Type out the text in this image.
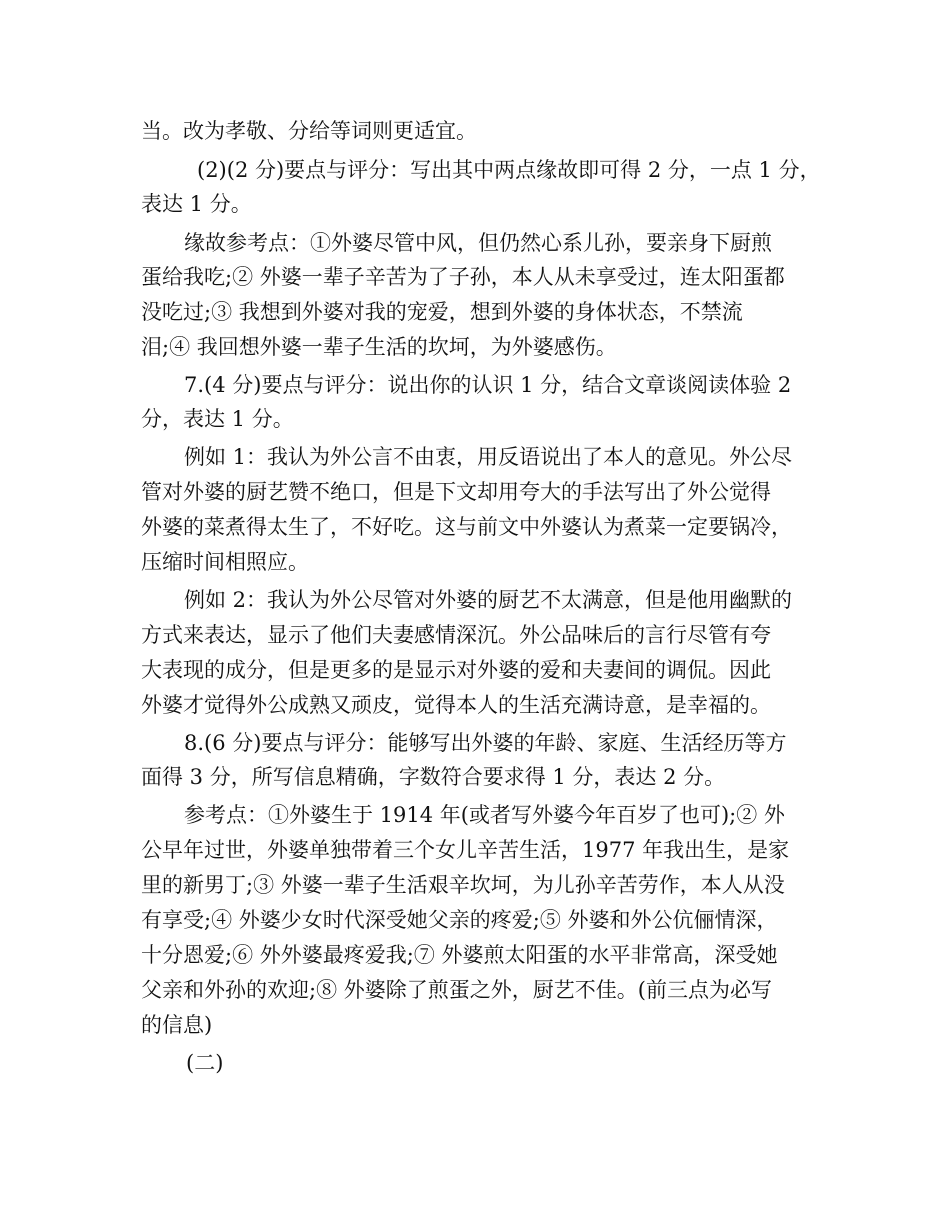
当。改为孝敬、分给等词则更适宜。
(2)(2 分)要点与评分：写出其中两点缘故即可得 2 分，一点 1 分，
表达 1 分。
缘故参考点：①外婆尽管中风，但仍然心系儿孙，要亲身下厨煎
蛋给我吃;② 外婆一辈子辛苦为了子孙，本人从未享受过，连太阳蛋都
没吃过;③ 我想到外婆对我的宠爱，想到外婆的身体状态，不禁流
泪;④ 我回想外婆一辈子生活的坎坷，为外婆感伤。
7.(4 分)要点与评分：说出你的认识 1 分，结合文章谈阅读体验 2
分，表达 1 分。
例如 1：我认为外公言不由衷，用反语说出了本人的意见。外公尽
管对外婆的厨艺赞不绝口，但是下文却用夸大的手法写出了外公觉得
外婆的菜煮得太生了，不好吃。这与前文中外婆认为煮菜一定要锅冷，
压缩时间相照应。
例如 2：我认为外公尽管对外婆的厨艺不太满意，但是他用幽默的
方式来表达，显示了他们夫妻感情深沉。外公品味后的言行尽管有夸
大表现的成分，但是更多的是显示对外婆的爱和夫妻间的调侃。因此
外婆才觉得外公成熟又顽皮，觉得本人的生活充满诗意，是幸福的。
8.(6 分)要点与评分：能够写出外婆的年龄、家庭、生活经历等方
面得 3 分，所写信息精确，字数符合要求得 1 分，表达 2 分。
参考点：①外婆生于 1914 年(或者写外婆今年百岁了也可);② 外
公早年过世，外婆单独带着三个女儿辛苦生活，1977 年我出生，是家
里的新男丁;③ 外婆一辈子生活艰辛坎坷，为儿孙辛苦劳作，本人从没
有享受;④ 外婆少女时代深受她父亲的疼爱;⑤ 外婆和外公伉俪情深，
十分恩爱;⑥ 外外婆最疼爱我;⑦ 外婆煎太阳蛋的水平非常高，深受她
父亲和外孙的欢迎;⑧ 外婆除了煎蛋之外，厨艺不佳。(前三点为必写
的信息)
(二)
